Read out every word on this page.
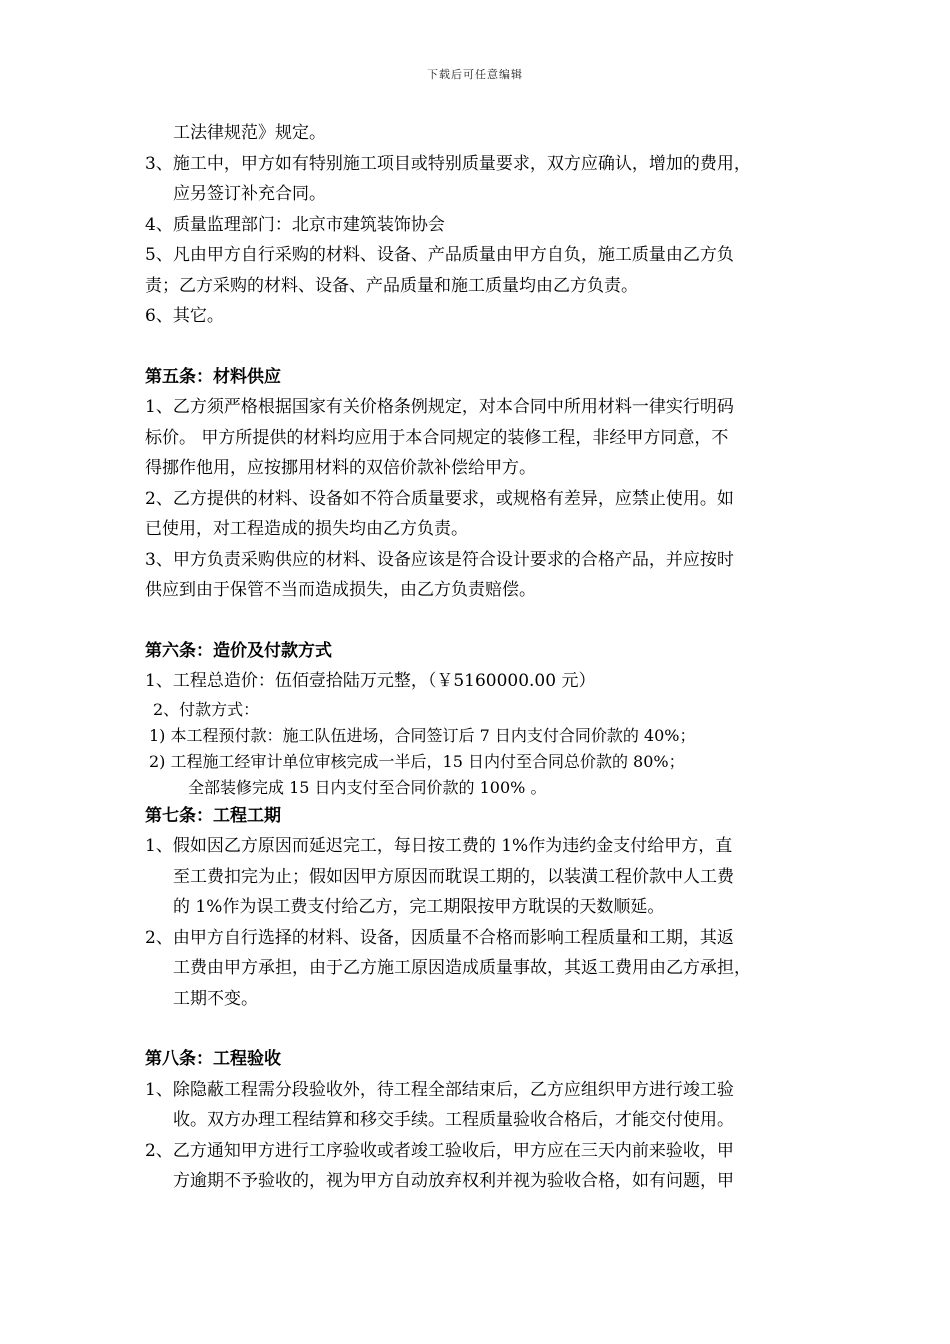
下载后可任意编辑
工法律规范》规定。
3、施工中，甲方如有特别施工项目或特别质量要求，双方应确认，增加的费用，
应另签订补充合同。
4、质量监理部门：北京市建筑装饰协会
5、凡由甲方自行采购的材料、设备、产品质量由甲方自负，施工质量由乙方负
责；乙方采购的材料、设备、产品质量和施工质量均由乙方负责。
6、其它。
第五条：材料供应
1、乙方须严格根据国家有关价格条例规定，对本合同中所用材料一律实行明码
标价。 甲方所提供的材料均应用于本合同规定的装修工程，非经甲方同意，不
得挪作他用，应按挪用材料的双倍价款补偿给甲方。
2、乙方提供的材料、设备如不符合质量要求，或规格有差异，应禁止使用。如
已使用，对工程造成的损失均由乙方负责。
3、甲方负责采购供应的材料、设备应该是符合设计要求的合格产品，并应按时
供应到由于保管不当而造成损失，由乙方负责赔偿。
第六条：造价及付款方式
1、工程总造价：伍佰壹拾陆万元整，（￥5160000.00 元）
2、付款方式：
1) 本工程预付款：施工队伍进场，合同签订后 7 日内支付合同价款的 40%；
2) 工程施工经审计单位审核完成一半后，15 日内付至合同总价款的 80%；
全部装修完成 15 日内支付至合同价款的 100% 。
第七条：工程工期
1、假如因乙方原因而延迟完工，每日按工费的 1%作为违约金支付给甲方，直
至工费扣完为止；假如因甲方原因而耽误工期的，以装潢工程价款中人工费
的 1%作为误工费支付给乙方，完工期限按甲方耽误的天数顺延。
2、由甲方自行选择的材料、设备，因质量不合格而影响工程质量和工期，其返
工费由甲方承担，由于乙方施工原因造成质量事故，其返工费用由乙方承担，
工期不变。
第八条：工程验收
1、除隐蔽工程需分段验收外，待工程全部结束后，乙方应组织甲方进行竣工验
收。双方办理工程结算和移交手续。工程质量验收合格后，才能交付使用。
2、乙方通知甲方进行工序验收或者竣工验收后，甲方应在三天内前来验收，甲
方逾期不予验收的，视为甲方自动放弃权利并视为验收合格，如有问题，甲
